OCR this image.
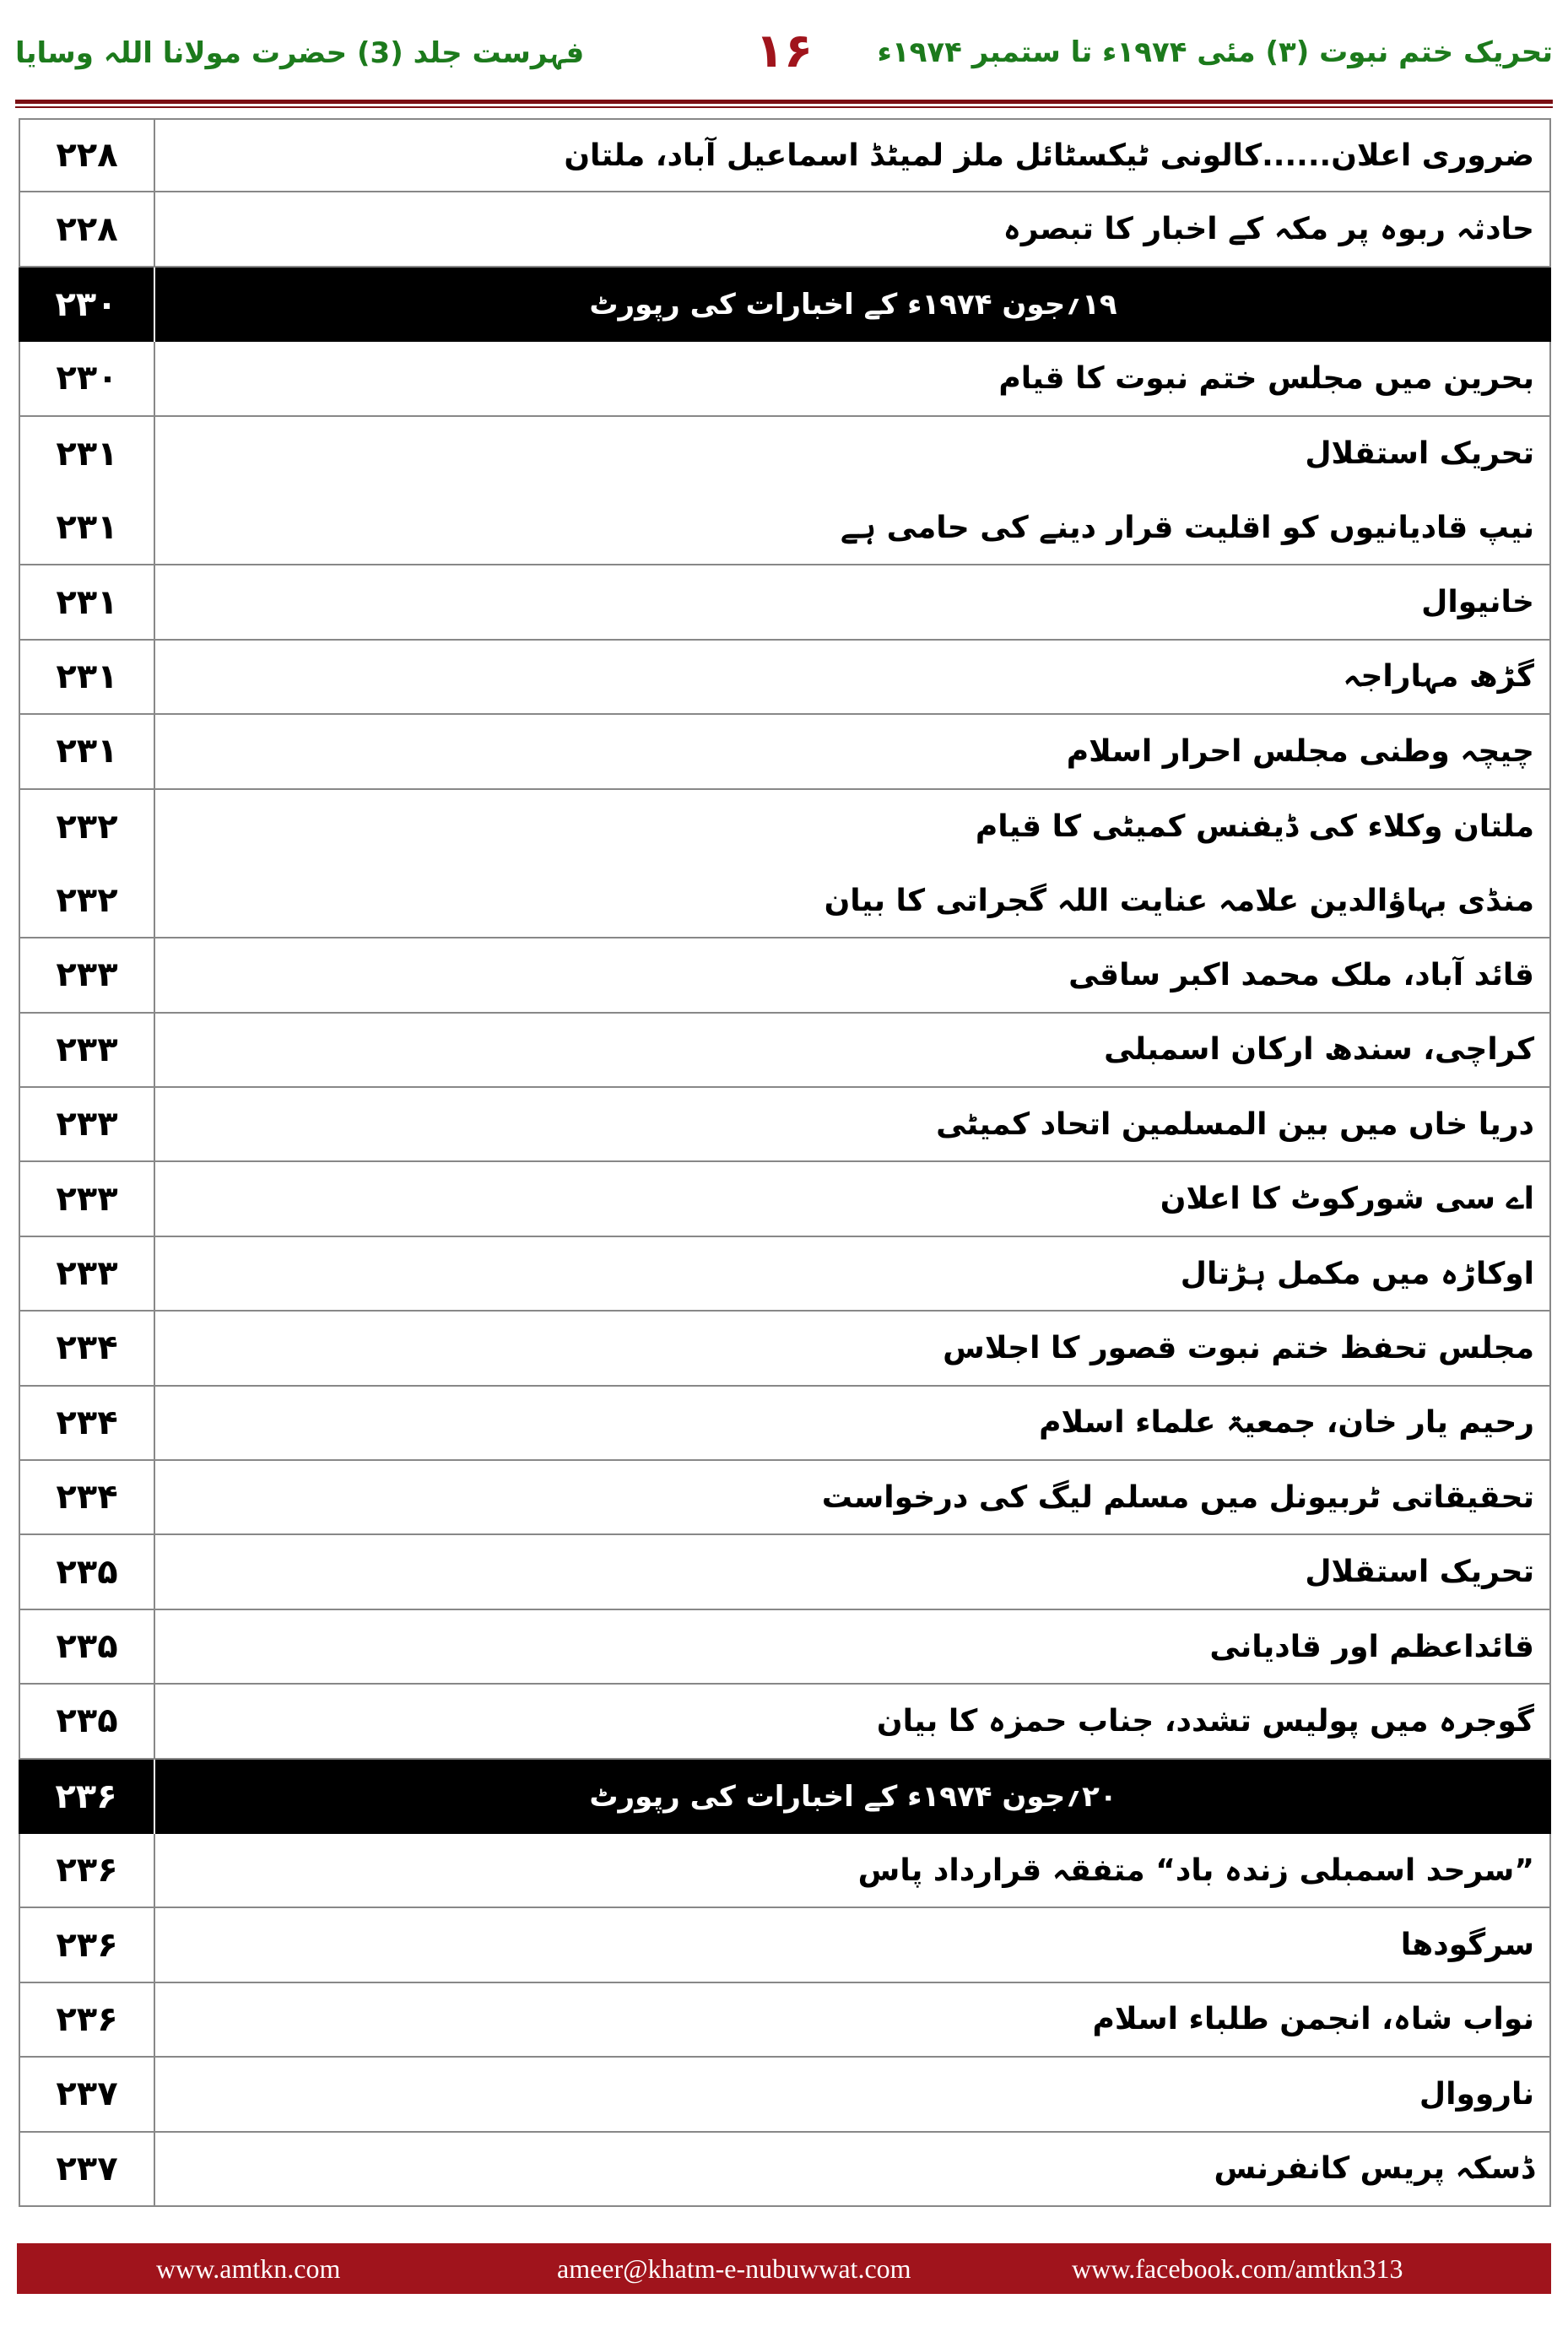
تحریک ختم نبوت (۳) مئی ۱۹۷۴ء تا ستمبر ۱۹۷۴ء
۱۶
فہرست جلد (3) حضرت مولانا اللہ وسایا
۲۲۸	ضروری اعلان......کالونی ٹیکسٹائل ملز لمیٹڈ اسماعیل آباد، ملتان
۲۲۸	حادثہ ربوہ پر مکہ کے اخبار کا تبصرہ
۲۳۰	۱۹؍جون ۱۹۷۴ء کے اخبارات کی رپورٹ
۲۳۰	بحرین میں مجلس ختم نبوت کا قیام
۲۳۱	تحریک استقلال
۲۳۱	نیپ قادیانیوں کو اقلیت قرار دینے کی حامی ہے
۲۳۱	خانیوال
۲۳۱	گڑھ مہاراجہ
۲۳۱	چیچہ وطنی مجلس احرار اسلام
۲۳۲	ملتان وکلاء کی ڈیفنس کمیٹی کا قیام
۲۳۲	منڈی بہاؤالدین علامہ عنایت اللہ گجراتی کا بیان
۲۳۳	قائد آباد، ملک محمد اکبر ساقی
۲۳۳	کراچی، سندھ ارکان اسمبلی
۲۳۳	دریا خاں میں بین المسلمین اتحاد کمیٹی
۲۳۳	اے سی شورکوٹ کا اعلان
۲۳۳	اوکاڑہ میں مکمل ہڑتال
۲۳۴	مجلس تحفظ ختم نبوت قصور کا اجلاس
۲۳۴	رحیم یار خان، جمعیۃ علماء اسلام
۲۳۴	تحقیقاتی ٹربیونل میں مسلم لیگ کی درخواست
۲۳۵	تحریک استقلال
۲۳۵	قائداعظم اور قادیانی
۲۳۵	گوجرہ میں پولیس تشدد، جناب حمزہ کا بیان
۲۳۶	۲۰؍جون ۱۹۷۴ء کے اخبارات کی رپورٹ
۲۳۶	”سرحد اسمبلی زندہ باد“ متفقہ قرارداد پاس
۲۳۶	سرگودھا
۲۳۶	نواب شاہ، انجمن طلباء اسلام
۲۳۷	نارووال
۲۳۷	ڈسکہ پریس کانفرنس
www.amtkn.com	ameer@khatm-e-nubuwwat.com	www.facebook.com/amtkn313
